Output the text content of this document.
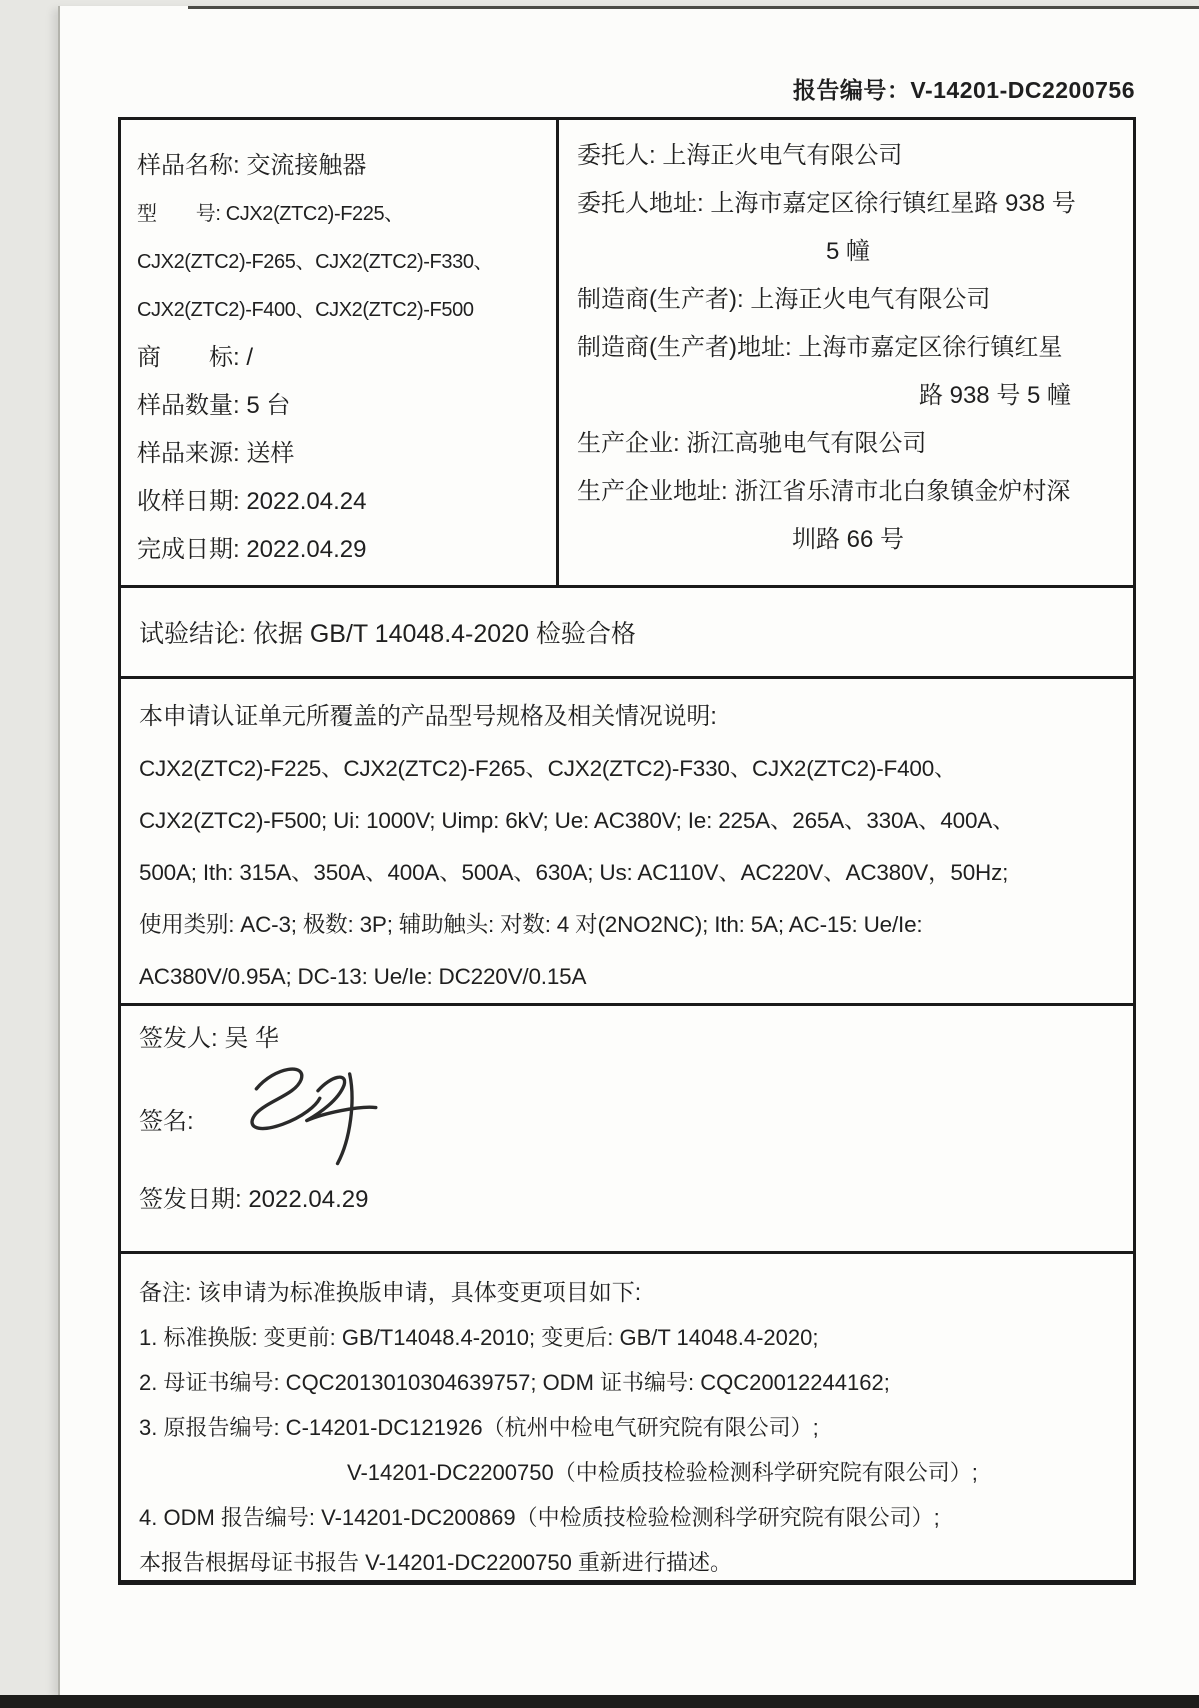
报告编号：V-14201-DC2200756
样品名称: 交流接触器
型　　号: CJX2(ZTC2)-F225、
CJX2(ZTC2)-F265、CJX2(ZTC2)-F330、
CJX2(ZTC2)-F400、CJX2(ZTC2)-F500
商　　标: /
样品数量: 5 台
样品来源: 送样
收样日期: 2022.04.24
完成日期: 2022.04.29
委托人: 上海正火电气有限公司
委托人地址: 上海市嘉定区徐行镇红星路 938 号
5 幢
制造商(生产者): 上海正火电气有限公司
制造商(生产者)地址: 上海市嘉定区徐行镇红星
路 938 号 5 幢
生产企业: 浙江高驰电气有限公司
生产企业地址: 浙江省乐清市北白象镇金炉村深
圳路 66 号
试验结论: 依据 GB/T 14048.4-2020 检验合格
本申请认证单元所覆盖的产品型号规格及相关情况说明:
CJX2(ZTC2)-F225、CJX2(ZTC2)-F265、CJX2(ZTC2)-F330、CJX2(ZTC2)-F400、
CJX2(ZTC2)-F500; Ui: 1000V; Uimp: 6kV; Ue: AC380V; Ie: 225A、265A、330A、400A、
500A; Ith: 315A、350A、400A、500A、630A; Us: AC110V、AC220V、AC380V，50Hz;
使用类别: AC-3; 极数: 3P; 辅助触头: 对数: 4 对(2NO2NC); Ith: 5A; AC-15: Ue/Ie:
AC380V/0.95A; DC-13: Ue/Ie: DC220V/0.15A
签发人: 吴 华
签名:
签发日期: 2022.04.29
备注: 该申请为标准换版申请，具体变更项目如下:
1. 标准换版: 变更前: GB/T14048.4-2010; 变更后: GB/T 14048.4-2020;
2. 母证书编号: CQC2013010304639757; ODM 证书编号: CQC20012244162;
3. 原报告编号: C-14201-DC121926（杭州中检电气研究院有限公司）;
V-14201-DC2200750（中检质技检验检测科学研究院有限公司）;
4. ODM 报告编号: V-14201-DC200869（中检质技检验检测科学研究院有限公司）;
本报告根据母证书报告 V-14201-DC2200750 重新进行描述。
